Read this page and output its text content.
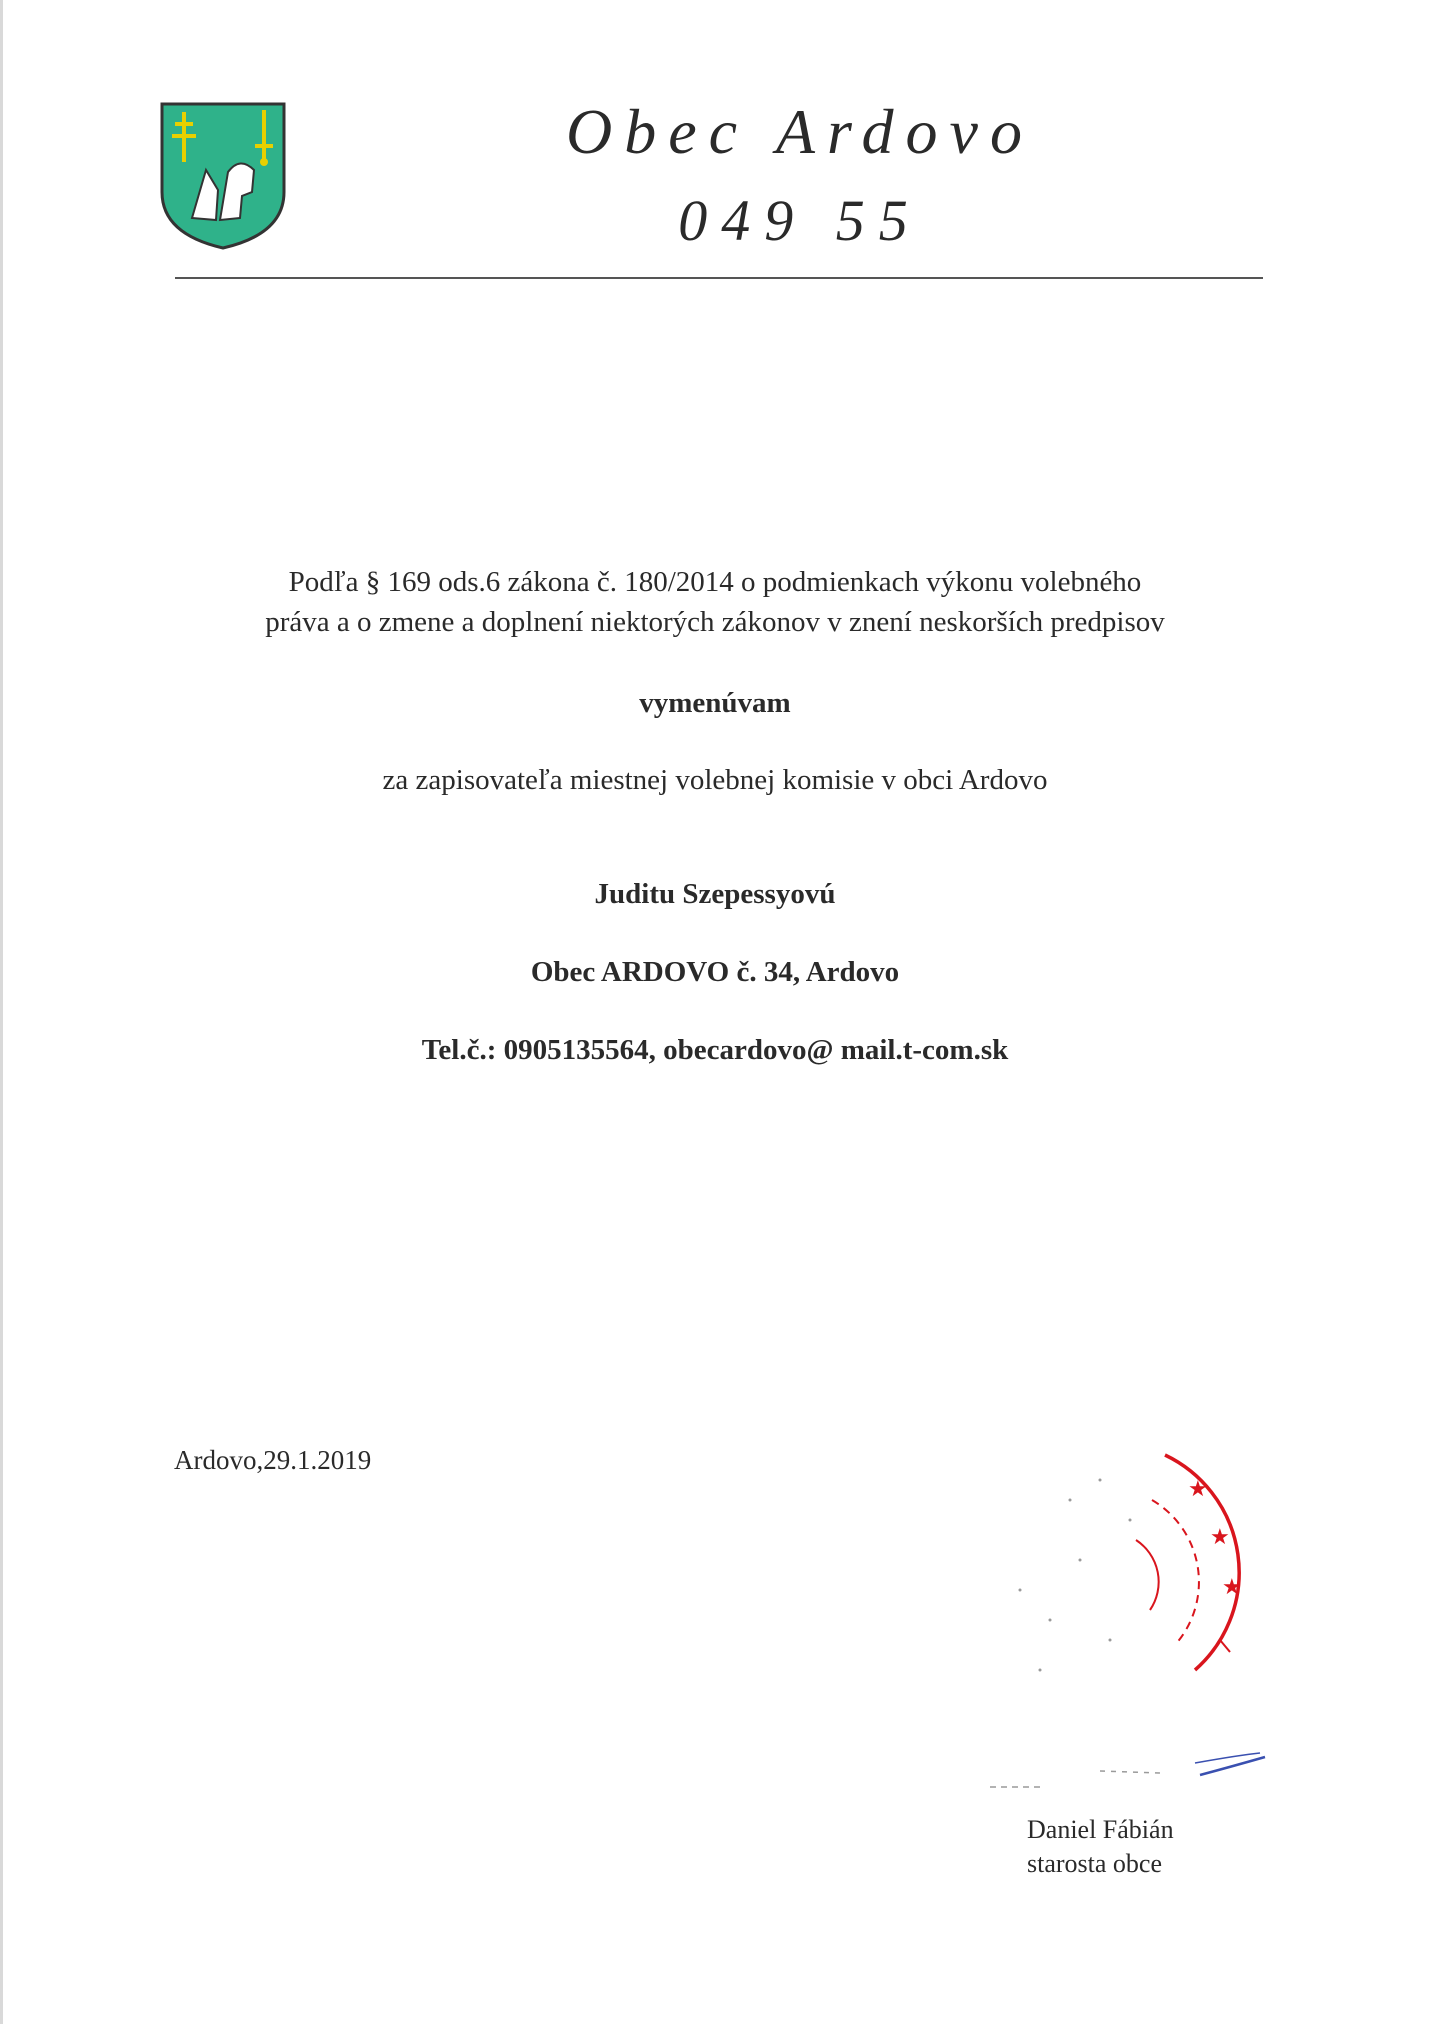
Obec Ardovo
049 55
Podľa § 169 ods.6 zákona č. 180/2014 o podmienkach výkonu volebného
práva a o zmene a doplnení niektorých zákonov v znení neskorších predpisov
vymenúvam
za zapisovateľa miestnej volebnej komisie v obci Ardovo
Juditu Szepessyovú
Obec ARDOVO č. 34, Ardovo
Tel.č.: 0905135564, obecardovo@ mail.t-com.sk
Ardovo,29.1.2019
★
★
★
Daniel Fábián
starosta obce
